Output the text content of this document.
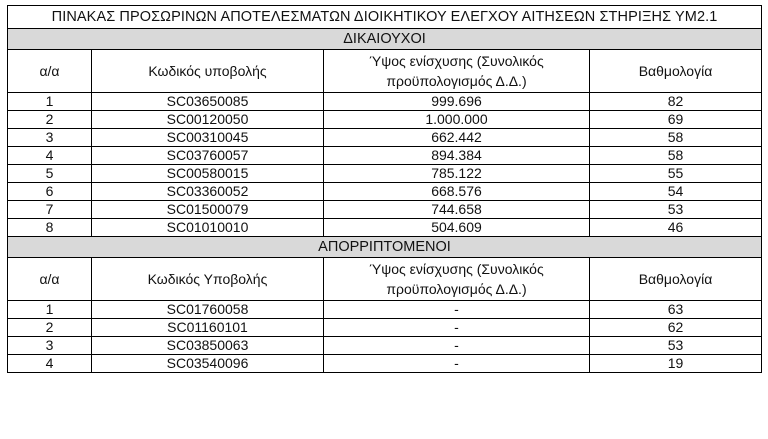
ΠΙΝΑΚΑΣ ΠΡΟΣΩΡΙΝΩΝ ΑΠΟΤΕΛΕΣΜΑΤΩΝ ΔΙΟΙΚΗΤΙΚΟΥ ΕΛΕΓΧΟΥ ΑΙΤΗΣΕΩΝ ΣΤΗΡΙΞΗΣ ΥΜ2.1			
ΔΙΚΑΙΟΥΧΟΙ			
α/α	Κωδικός υποβολής	Ύψος ενίσχυσης (Συνολικός
προϋπολογισμός Δ.Δ.)	Βαθμολογία
1	SC03650085	999.696	82
2	SC00120050	1.000.000	69
3	SC00310045	662.442	58
4	SC03760057	894.384	58
5	SC00580015	785.122	55
6	SC03360052	668.576	54
7	SC01500079	744.658	53
8	SC01010010	504.609	46
ΑΠΟΡΡΙΠΤΟΜΕΝΟΙ			
α/α	Κωδικός Υποβολής	Ύψος ενίσχυσης (Συνολικός
προϋπολογισμός Δ.Δ.)	Βαθμολογία
1	SC01760058	-	63
2	SC01160101	-	62
3	SC03850063	-	53
4	SC03540096	-	19
